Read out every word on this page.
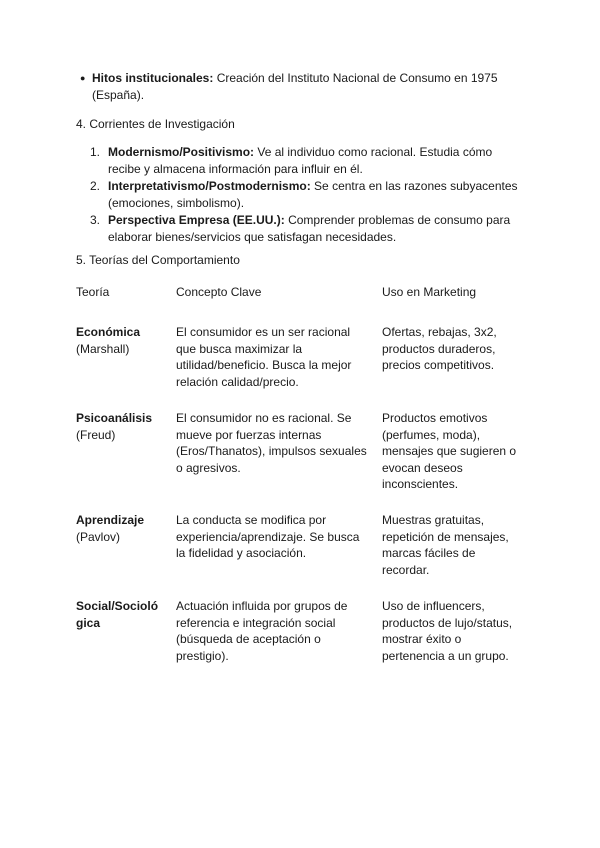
● Hitos institucionales: Creación del Instituto Nacional de Consumo en 1975
(España).
4. Corrientes de Investigación
1. Modernismo/Positivismo: Ve al individuo como racional. Estudia cómo
recibe y almacena información para influir en él.
2. Interpretativismo/Postmodernismo: Se centra en las razones subyacentes
(emociones, simbolismo).
3. Perspectiva Empresa (EE.UU.): Comprender problemas de consumo para
elaborar bienes/servicios que satisfagan necesidades.
5. Teorías del Comportamiento
Teoría	Concepto Clave	Uso en Marketing
Económica
(Marshall)
El consumidor es un ser racional
que busca maximizar la
utilidad/beneficio. Busca la mejor
relación calidad/precio.
Ofertas, rebajas, 3x2,
productos duraderos,
precios competitivos.
Psicoanálisis
(Freud)
El consumidor no es racional. Se
mueve por fuerzas internas
(Eros/Thanatos), impulsos sexuales
o agresivos.
Productos emotivos
(perfumes, moda),
mensajes que sugieren o
evocan deseos
inconscientes.
Aprendizaje
(Pavlov)
La conducta se modifica por
experiencia/aprendizaje. Se busca
la fidelidad y asociación.
Muestras gratuitas,
repetición de mensajes,
marcas fáciles de
recordar.
Social/Socioló
gica
Actuación influida por grupos de
referencia e integración social
(búsqueda de aceptación o
prestigio).
Uso de influencers,
productos de lujo/status,
mostrar éxito o
pertenencia a un grupo.
